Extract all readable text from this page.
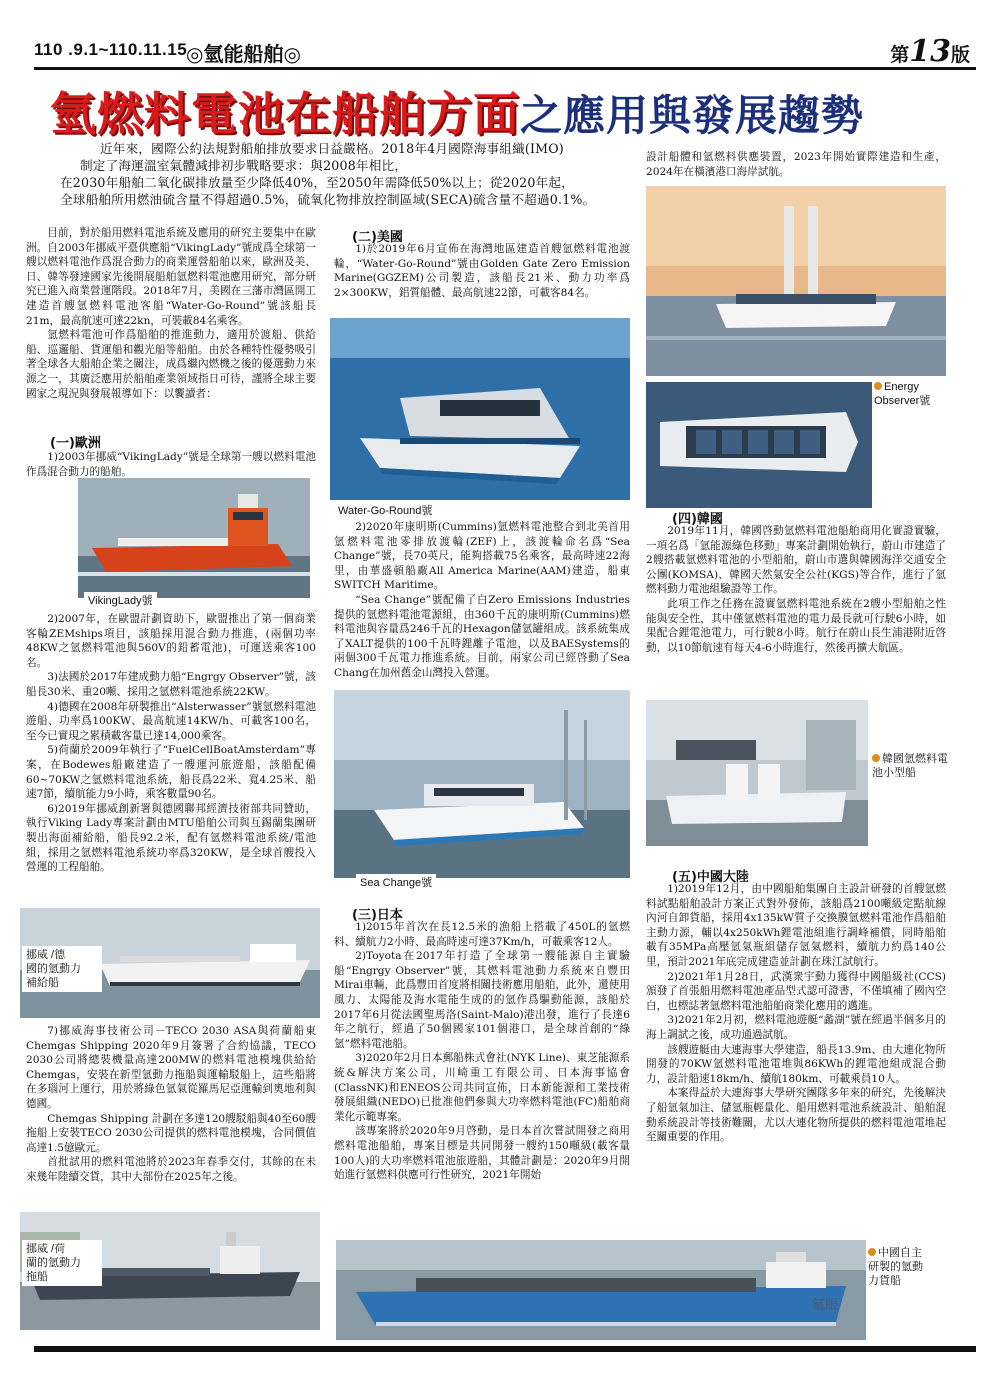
110 .9.1~110.11.15
◎氫能船舶◎	第13版
氫燃料電池在船舶方面之應用與發展趨勢

近年來，國際公約法規對船舶排放要求日益嚴格。2018年4月國際海事組織(IMO)

制定了海運溫室氣體減排初步戰略要求：與2008年相比，

在2030年船舶二氧化碳排放量至少降低40%，至2050年需降低50%以上；從2020年起，

全球船舶所用燃油硫含量不得超過0.5%，硫氧化物排放控制區域(SECA)硫含量不超過0.1%。

目前，對於船用燃料電池系統及應用的研究主要集中在歐洲。自2003年挪威平臺供應船“VikingLady”號成爲全球第一艘以燃料電池作爲混合動力的商業運營船舶以來，歐洲及美、日、韓等發達國家先後開展船舶氫燃料電池應用研究，部分研究已進入商業營運階段。2018年7月，美國在三藩市灣區開工建造首艘氫燃料電池客船“Water-Go-Round”號該船長21m，最高航速可達22kn，可裝載84名乘客。

氫燃料電池可作爲船舶的推進動力，適用於渡船、供給船、巡邏船、貨運船和觀光船等船舶。由於各種特性優勢吸引著全球各大船舶企業之關注，成爲繼內燃機之後的優選動力來源之一，其廣泛應用於船舶產業領域指日可待，謹將全球主要國家之現況與發展報導如下：以饗讀者：

(一)歐洲

1)2003年挪威“VikingLady”號是全球第一艘以燃料電池作爲混合動力的船舶。

VikingLady號

2)2007年，在歐盟計劃資助下，歐盟推出了第一個商業客輪ZEMships項目，該船採用混合動力推進，(兩個功率48KW之氫燃料電池與560V的鉛蓄電池)，可運送乘客100名。

3)法國於2017年建成動力船“Engrgy Observer”號，該船長30米、重20噸、採用之氫燃料電池系統22KW。

4)德國在2008年研製推出“Alsterwasser”號氫燃料電池遊船、功率爲100KW、最高航速14KW/h、可載客100名，至今已實現之累積載客量已達14,000乘客。

5)荷蘭於2009年執行了“FuelCellBoatAmsterdam”專案，在Bodewes船廠建造了一艘運河旅遊船，該船配備60~70KW之氫燃料電池系統，船長爲22米、寬4.25米、船速7節，續航能力9小時，乘客數量90名。

6)2019年挪威創新署與德國聯邦經濟技術部共同贊助，執行Viking Lady專案計劃由MTU船舶公司與互錫蘭集團研製出海面補給船，船長92.2米，配有氫燃料電池系統/電池組，採用之氫燃料電池系統功率爲320KW，是全球首艘投入營運的工程船舶。

挪威 /德
國的氫動力
補給船

7)挪威海事技術公司－TECO 2030 ASA與荷蘭船東Chemgas Shipping 2020年9月簽署了合約協議，TECO 2030公司將總裝機量高達200MW的燃料電池模塊供給給Chemgas，安裝在新型氫動力拖船與運輸駁船上，這些船將在多瑙河上運行，用於將綠色氫氣從羅馬尼亞運輸到奧地利與德國。

Chemgas Shipping 計劃在多達120艘駁船與40至60艘拖船上安裝TECO 2030公司提供的燃料電池模塊，合同價值高達1.5億歐元。

首批試用的燃料電池將於2023年春季交付，其餘的在未來幾年陸續交貨，其中大部份在2025年之後。

挪威 /荷
蘭的氫動力
拖船
(二)美國

1)於2019年6月宣佈在海灣地區建造首艘氫燃料電池渡輪，“Water-Go-Round”號由Golden Gate Zero Emission Marine(GGZEM)公司製造，該船長21米、動力功率爲2×300KW，鋁質船體、最高航速22節，可載客84名。

Water-Go-Round號

2)2020年康明斯(Cummins)氫燃料電池整合到北美首用氫燃料電池零排放渡輪(ZEF)上，該渡輪命名爲“Sea Change”號，長70英尺，能夠搭載75名乘客，最高時速22海里，由華盛頓船廠All America Marine(AAM)建造，船東SWITCH Maritime。

“Sea Change”號配備了白Zero Emissions Industries提供的氫燃料電池電源組，由360千瓦的康明斯(Cummins)燃料電池與容量爲246千瓦的Hexagon儲氫罐組成。該系統集成了XALT提供的100千瓦時鋰離子電池，以及BAESystems的兩個300千瓦電力推進系統。目前，兩家公司已經啓動了Sea Chang在加州舊金山灣投入營運。

Sea Change號
(三)日本

1)2015年首次在長12.5米的漁船上搭載了450L的氫燃料、續航力2小時、最高時速可達37Km/h，可載乘客12人。

2)Toyota在2017年打造了全球第一艘能源自主實驗船“Engrgy Observer”號，其燃料電池動力系統來自豐田Mirai車輛，此爲豐田首度將相關技術應用船舶，此外，還使用風力、太陽能及海水電能生成的的氫作爲驅動能源，該船於2017年6月從法國聖馬洛(Saint-Malo)港出發，進行了長達6年之航行，經過了50個國家101個港口，是全球首創的“綠氫”燃料電池船。

3)2020年2月日本郵船株式會社(NYK Line)、東芝能源系統&解決方案公司，川崎重工有限公司、日本海事協會(ClassNK)和ENEOS公司共同宣佈，日本新能源和工業技術發展組織(NEDO)已批准他們參與大功率燃料電池(FC)船舶商業化示範專案。

該專案將於2020年9月啓動，是日本首次嘗試開發之商用燃料電池船舶，專案目標是共同開發一艘約150噸級(載客量100人)的大功率燃料電池旅遊船，其體計劃是：2020年9月開始進行氫燃料供應可行性研究，2021年開始

設計船體和氫燃料供應裝置，2023年開始實際建造和生產，2024年在橫濱港口海岸試航。

Energy
Observer號
(四)韓國

2019年11月，韓國啓動氫燃料電池船舶商用化實證實驗，一項名爲「氫能源綠色移動」專案計劃開始執行，蔚山市建造了2艘搭載氫燃料電池的小型船舶，蔚山市選與韓國海洋交通安全公團(KOMSA)、韓國天然氣安全公社(KGS)等合作，進行了氫燃料動力電池組驗證等工作。

此項工作之任務在證實氫燃料電池系統在2艘小型船舶之性能與安全性，其中僅氫燃料電池的電力最長就可行駛6小時，如果配合鋰電池電力，可行駛8小時。航行在蔚山長生浦港附近啓動，以10節航速有每天4-6小時進行，然後再擴大航區。

韓國氫燃料電
池小型船
(五)中國大陸

1)2019年12月，由中國船舶集團自主設計研發的首艘氫燃料試點船舶設計方案正式對外發佈，該船爲2100噸級定點航線內河自卸貨船，採用4x135kW質子交換膜氫燃料電池作爲船舶主動力源，輔以4x250kWh鋰電池組進行調峰補償，同時船舶載有35MPa高壓氫氣瓶組儲存氫氣燃料，續航力約爲140公里，預計2021年底完成建造並計劃在珠江試航行。

2)2021年1月28日，武漢衆宇動力獲得中國船級社(CCS)頒發了首張船用燃料電池產品型式認可證書，不僅填補了國內空白，也標誌著氫燃料電池船舶商業化應用的邁進。

3)2021年2月初，燃料電池遊艇“蠡湖”號在經過半個多月的海上調試之後，成功通過試航。

該艘遊艇由大連海事大學建造，船長13.9m、由大連化物所開發的70KW氫燃料電池電堆與86KWh的鋰電池組成混合動力，設計船速18km/h、續航180km、可載乘員10人。

本案得益於大連海事大學研究團隊多年來的研究，先後解決了船氫氣加注、儲氫瓶輕量化、船用燃料電池系統設計、船舶混動系統設計等技術難關，尤以大連化物所提供的燃料電池電堆起至關重要的作用。

中國自主
研製的氫動
力貨船
氫眼
